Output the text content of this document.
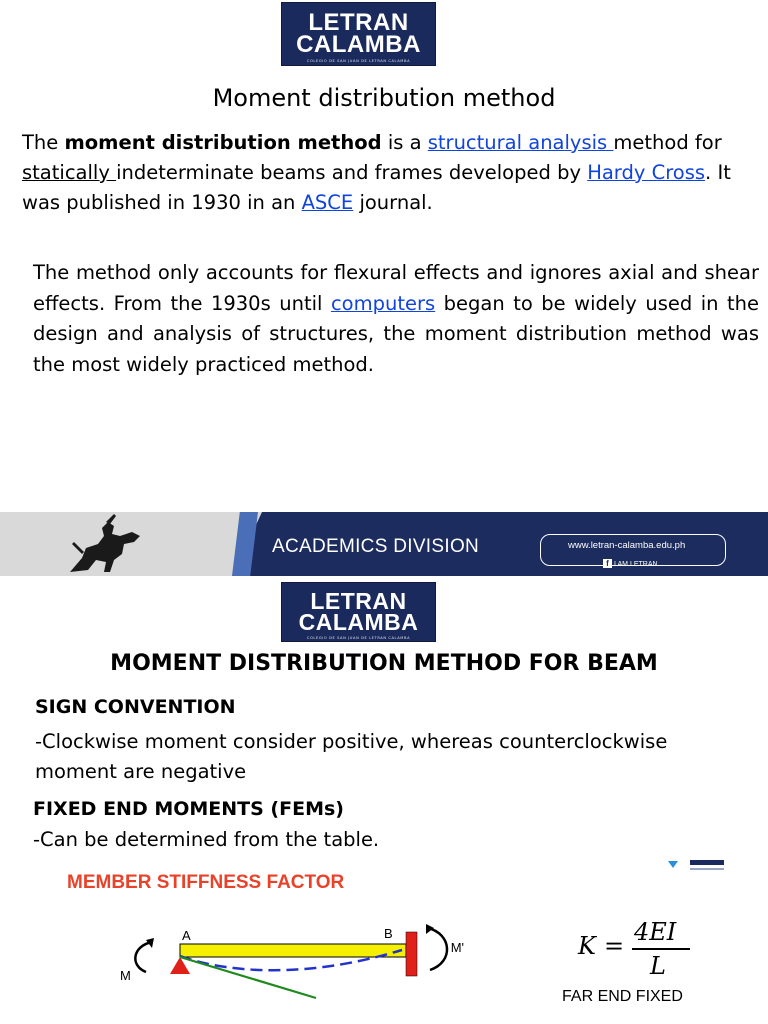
LETRAN
CALAMBA
COLEGIO DE SAN JUAN DE LETRAN CALAMBA
Moment distribution method
The moment distribution method is a structural analysis method for statically indeterminate beams and frames developed by Hardy Cross. It was published in 1930 in an ASCE journal.
The method only accounts for flexural effects and ignores axial and shear effects. From the 1930s until computers began to be widely used in the design and analysis of structures, the moment distribution method was the most widely practiced method.
ACADEMICS DIVISION	www.letran-calamba.edu.ph
f I AM LETRAN
LETRAN
CALAMBA
COLEGIO DE SAN JUAN DE LETRAN CALAMBA
MOMENT DISTRIBUTION METHOD FOR BEAM
SIGN CONVENTION
-Clockwise moment consider positive, whereas counterclockwise moment are negative
FIXED END MOMENTS (FEMs)
-Can be determined from the table.
MEMBER STIFFNESS FACTOR
A	B
M
M'	K = 4EI
L
FAR END FIXED
